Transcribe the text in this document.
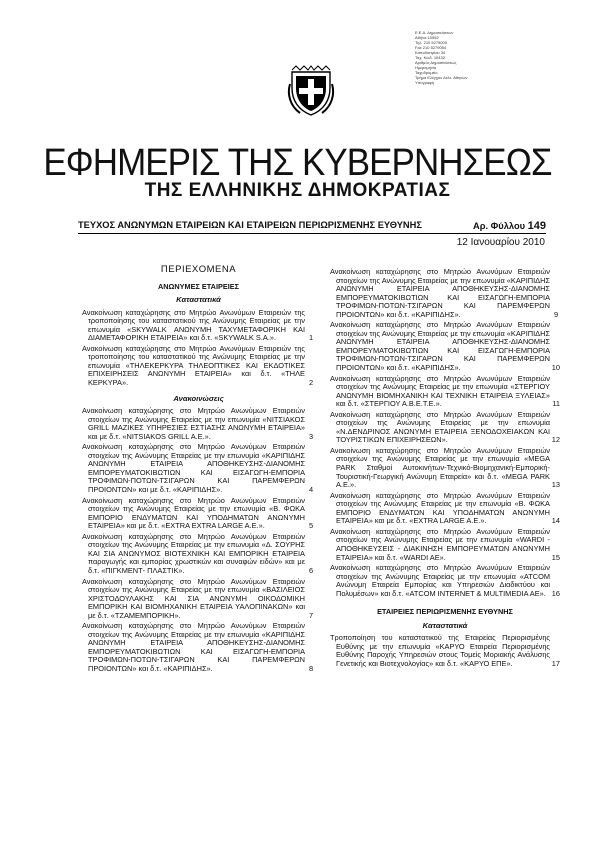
Ε.Ε.Δ. Δημοσιεύσεων
Αθήνα 10552
Τηλ. 210 5279000
Fax 210 5279054
Καποδιστρίου 34
Ταχ. Κώδ. 10432
Αριθμός Δημοσιεύσεως
Ημερομηνία
Ταχυδρομείο
Τμήμα Ελέγχου Δελτ. Αθηνών
Υπογραφή
ΕΦΗΜΕΡΙΣ ΤΗΣ ΚΥΒΕΡΝΗΣΕΩΣ
ΤΗΣ ΕΛΛΗΝΙΚΗΣ ΔΗΜΟΚΡΑΤΙΑΣ
ΤΕΥΧΟΣ ΑΝΩΝΥΜΩΝ ΕΤΑΙΡΕΙΩΝ ΚΑΙ ΕΤΑΙΡΕΙΩΝ ΠΕΡΙΩΡΙΣΜΕΝΗΣ ΕΥΘΥΝΗΣ	Αρ. Φύλλου 149
12 Ιανουαρίου 2010
ΠΕΡΙΕΧΟΜΕΝΑ
ΑΝΩΝΥΜΕΣ ΕΤΑΙΡΕΙΕΣ
Καταστατικά
Ανακοίνωση καταχώρησης στο Μητρώο Ανωνύμων Εταιρειών της τροποποίησης του καταστατικού της Ανώνυμης Εταιρείας με την επωνυμία «SKYWALK ΑΝΩΝΥΜΗ ΤΑΧΥΜΕΤΑΦΟΡΙΚΗ ΚΑΙ ΔΙΑΜΕΤΑΦΟΡΙΚΗ ΕΤΑΙΡΕΙΑ» και δ.τ. «SKYWALK S.A.».	1
Ανακοίνωση καταχώρησης στο Μητρώο Ανωνύμων Εταιρειών της τροποποίησης του καταστατικού της Ανώνυμης Εταιρείας με την επωνυμία «ΤΗΛΕΚΕΡΚΥΡΑ ΤΗΛΕΟΠΤΙΚΕΣ ΚΑΙ ΕΚΔΟΤΙΚΕΣ ΕΠΙΧΕΙΡΗΣΕΙΣ ΑΝΩΝΥΜΗ ΕΤΑΙΡΕΙΑ» και δ.τ. «ΤΗΛΕ ΚΕΡΚΥΡΑ».	2
Ανακοινώσεις
Ανακοίνωση καταχώρησης στο Μητρώο Ανωνύμων Εταιρειών στοιχείων της Ανώνυμης Εταιρείας με την επωνυμία «ΝΙΤΣΙΑΚΟΣ GRILL ΜΑΖΙΚΕΣ ΥΠΗΡΕΣΙΕΣ ΕΣΤΙΑΣΗΣ ΑΝΩΝΥΜΗ ΕΤΑΙΡΕΙΑ» και με δ.τ. «NITSIAKOS GRILL A.E.».	3
Ανακοίνωση καταχώρησης στο Μητρώο Ανωνύμων Εταιρειών στοιχείων της Ανώνυμης Εταιρείας με την επωνυμία «ΚΑΡΙΠΙΔΗΣ ΑΝΩΝΥΜΗ ΕΤΑΙΡΕΙΑ ΑΠΟΘΗΚΕΥΣΗΣ-ΔΙΑΝΟΜΗΣ ΕΜΠΟΡΕΥΜΑΤΟΚΙΒΩΤΙΩΝ ΚΑΙ ΕΙΣΑΓΩΓΗ-ΕΜΠΟΡΙΑ ΤΡΟΦΙΜΩΝ-ΠΟΤΩΝ-ΤΣΙΓΑΡΩΝ ΚΑΙ ΠΑΡΕΜΦΕΡΩΝ ΠΡΟΙΟΝΤΩΝ» και με δ.τ. «ΚΑΡΙΠΙΔΗΣ».	4
Ανακοίνωση καταχώρησης στο Μητρώο Ανωνύμων Εταιρειών στοιχείων της Ανώνυμης Εταιρείας με την επωνυμία «Β. ΦΩΚΑ ΕΜΠΟΡΙΟ ΕΝΔΥΜΑΤΩΝ ΚΑΙ ΥΠΟΔΗΜΑΤΩΝ ΑΝΩΝΥΜΗ ΕΤΑΙΡΕΙΑ» και με δ.τ. «EXTRA EXTRA LARGE A.E.».	5
Ανακοίνωση καταχώρησης στο Μητρώο Ανωνύμων Εταιρειών στοιχείων της Ανώνυμης Εταιρείας με την επωνυμία «Δ. ΣΟΥΡΗΣ ΚΑΙ ΣΙΑ ΑΝΩΝΥΜΟΣ ΒΙΟΤΕΧΝΙΚΗ ΚΑΙ ΕΜΠΟΡΙΚΗ ΕΤΑΙΡΕΙΑ παραγωγής και εμπορίας χρωστικών και συναφών ειδών» και με δ.τ. «ΠΙΓΚΜΕΝΤ- ΠΛΑΣΤΙΚ».	6
Ανακοίνωση καταχώρησης στο Μητρώο Ανωνύμων Εταιρειών στοιχείων της Ανώνυμης Εταιρείας με την επωνυμία «ΒΑΣΙΛΕΙΟΣ ΧΡΙΣΤΟΔΟΥΛΑΚΗΣ ΚΑΙ ΣΙΑ ΑΝΩΝΥΜΗ ΟΙΚΟΔΟΜΙΚΗ ΕΜΠΟΡΙΚΗ ΚΑΙ ΒΙΟΜΗΧΑΝΙΚΗ ΕΤΑΙΡΕΙΑ ΥΑΛΟΠΙΝΑΚΩΝ» και με δ.τ. «ΤΖΑΜΕΜΠΟΡΙΚΗ».	7
Ανακοίνωση καταχώρησης στο Μητρώο Ανωνύμων Εταιρειών στοιχείων της Ανώνυμης Εταιρείας με την επωνυμία «ΚΑΡΙΠΙΔΗΣ ΑΝΩΝΥΜΗ ΕΤΑΙΡΕΙΑ ΑΠΟΘΗΚΕΥΣΗΣ-ΔΙΑΝΟΜΗΣ ΕΜΠΟΡΕΥΜΑΤΟΚΙΒΩΤΙΩΝ ΚΑΙ ΕΙΣΑΓΩΓΗ-ΕΜΠΟΡΙΑ ΤΡΟΦΙΜΩΝ-ΠΟΤΩΝ-ΤΣΙΓΑΡΩΝ ΚΑΙ ΠΑΡΕΜΦΕΡΩΝ ΠΡΟΙΟΝΤΩΝ» και δ.τ. «ΚΑΡΙΠΙΔΗΣ».	8
Ανακοίνωση καταχώρησης στο Μητρώο Ανωνύμων Εταιρειών στοιχείων της Ανώνυμης Εταιρείας με την επωνυμία «ΚΑΡΙΠΙΔΗΣ ΑΝΩΝΥΜΗ ΕΤΑΙΡΕΙΑ ΑΠΟΘΗΚΕΥΣΗΣ-ΔΙΑΝΟΜΗΣ ΕΜΠΟΡΕΥΜΑΤΟΚΙΒΩΤΙΩΝ ΚΑΙ ΕΙΣΑΓΩΓΗ-ΕΜΠΟΡΙΑ ΤΡΟΦΙΜΩΝ-ΠΟΤΩΝ-ΤΣΙΓΑΡΩΝ ΚΑΙ ΠΑΡΕΜΦΕΡΩΝ ΠΡΟΙΟΝΤΩΝ» και δ.τ. «ΚΑΡΙΠΙΔΗΣ».	9
Ανακοίνωση καταχώρησης στο Μητρώο Ανωνύμων Εταιρειών στοιχείων της Ανώνυμης Εταιρείας με την επωνυμία «ΚΑΡΙΠΙΔΗΣ ΑΝΩΝΥΜΗ ΕΤΑΙΡΕΙΑ ΑΠΟΘΗΚΕΥΣΗΣ-ΔΙΑΝΟΜΗΣ ΕΜΠΟΡΕΥΜΑΤΟΚΙΒΩΤΙΩΝ ΚΑΙ ΕΙΣΑΓΩΓΗ-ΕΜΠΟΡΙΑ ΤΡΟΦΙΜΩΝ-ΠΟΤΩΝ-ΤΣΙΓΑΡΩΝ ΚΑΙ ΠΑΡΕΜΦΕΡΩΝ ΠΡΟΙΟΝΤΩΝ» και δ.τ. «ΚΑΡΙΠΙΔΗΣ».	10
Ανακοίνωση καταχώρησης στο Μητρώο Ανωνύμων Εταιρειών στοιχείων της Ανώνυμης Εταιρείας με την επωνυμία «ΣΤΕΡΓΙΟΥ ΑΝΩΝΥΜΗ ΒΙΟΜΗΧΑΝΙΚΗ ΚΑΙ ΤΕΧΝΙΚΗ ΕΤΑΙΡΕΙΑ ΞΥΛΕΙΑΣ» και δ.τ. «ΣΤΕΡΓΙΟΥ Α.Β.Ε.Τ.Ε.».	11
Ανακοίνωση καταχώρησης στο Μητρώο Ανωνύμων Εταιρειών στοιχείων της Ανώνυμης Εταιρείας με την επωνυμία «Ν.ΔΕΝΔΡΙΝΟΣ ΑΝΩΝΥΜΗ ΕΤΑΙΡΕΙΑ ΞΕΝΟΔΟΧΕΙΑΚΩΝ ΚΑΙ ΤΟΥΡΙΣΤΙΚΩΝ ΕΠΙΧΕΙΡΗΣΕΩΝ».	12
Ανακοίνωση καταχώρησης στο Μητρώο Ανωνύμων Εταιρειών στοιχείων της Ανώνυμης Εταιρείας με την επωνυμία «MEGA PARK Σταθμοί Αυτοκινήτων-Τεχνικό-Βιομηχανική-Εμπορική-Τουριστική-Γεωργική Ανώνυμη Εταιρεία» και δ.τ. «MEGA PARK A.E.».	13
Ανακοίνωση καταχώρησης στο Μητρώο Ανωνύμων Εταιρειών στοιχείων της Ανώνυμης Εταιρείας με την επωνυμία «Β. ΦΩΚΑ ΕΜΠΟΡΙΟ ΕΝΔΥΜΑΤΩΝ ΚΑΙ ΥΠΟΔΗΜΑΤΩΝ ΑΝΩΝΥΜΗ ΕΤΑΙΡΕΙΑ» και με δ.τ. «EXTRA LARGE A.E.».	14
Ανακοίνωση καταχώρησης στο Μητρώο Ανωνύμων Εταιρειών στοιχείων της Ανώνυμης Εταιρείας με την επωνυμία «WARDI - ΑΠΟΘΗΚΕΥΣΕΙΣ - ΔΙΑΚΙΝΗΣΗ ΕΜΠΟΡΕΥΜΑΤΩΝ ΑΝΩΝΥΜΗ ΕΤΑΙΡΕΙΑ» και δ.τ. «WARDI AE».	15
Ανακοίνωση καταχώρησης στο Μητρώο Ανωνύμων Εταιρειών στοιχείων της Ανώνυμης Εταιρείας με την επωνυμία «ATCOM Ανώνυμη Εταιρεία Εμπορίας και Υπηρεσιών Διαδικτύου και Πολυμέσων» και δ.τ. «ATCOM INTERNET & MULTIMEDIA AE». 16
ΕΤΑΙΡΕΙΕΣ ΠΕΡΙΩΡΙΣΜΕΝΗΣ ΕΥΘΥΝΗΣ
Καταστατικά
Τροποποίηση του καταστατικού της Εταιρείας Περιορισμένης Ευθύνης με την επωνυμία «ΚΑΡΥΟ Εταιρεία Περιορισμένης Ευθύνης Παροχής Υπηρεσιών στους Τομείς Μοριακής Ανάλυσης Γενετικής και Βιοτεχνολογίας» και δ.τ. «ΚΑΡΥΟ ΕΠΕ».	17
